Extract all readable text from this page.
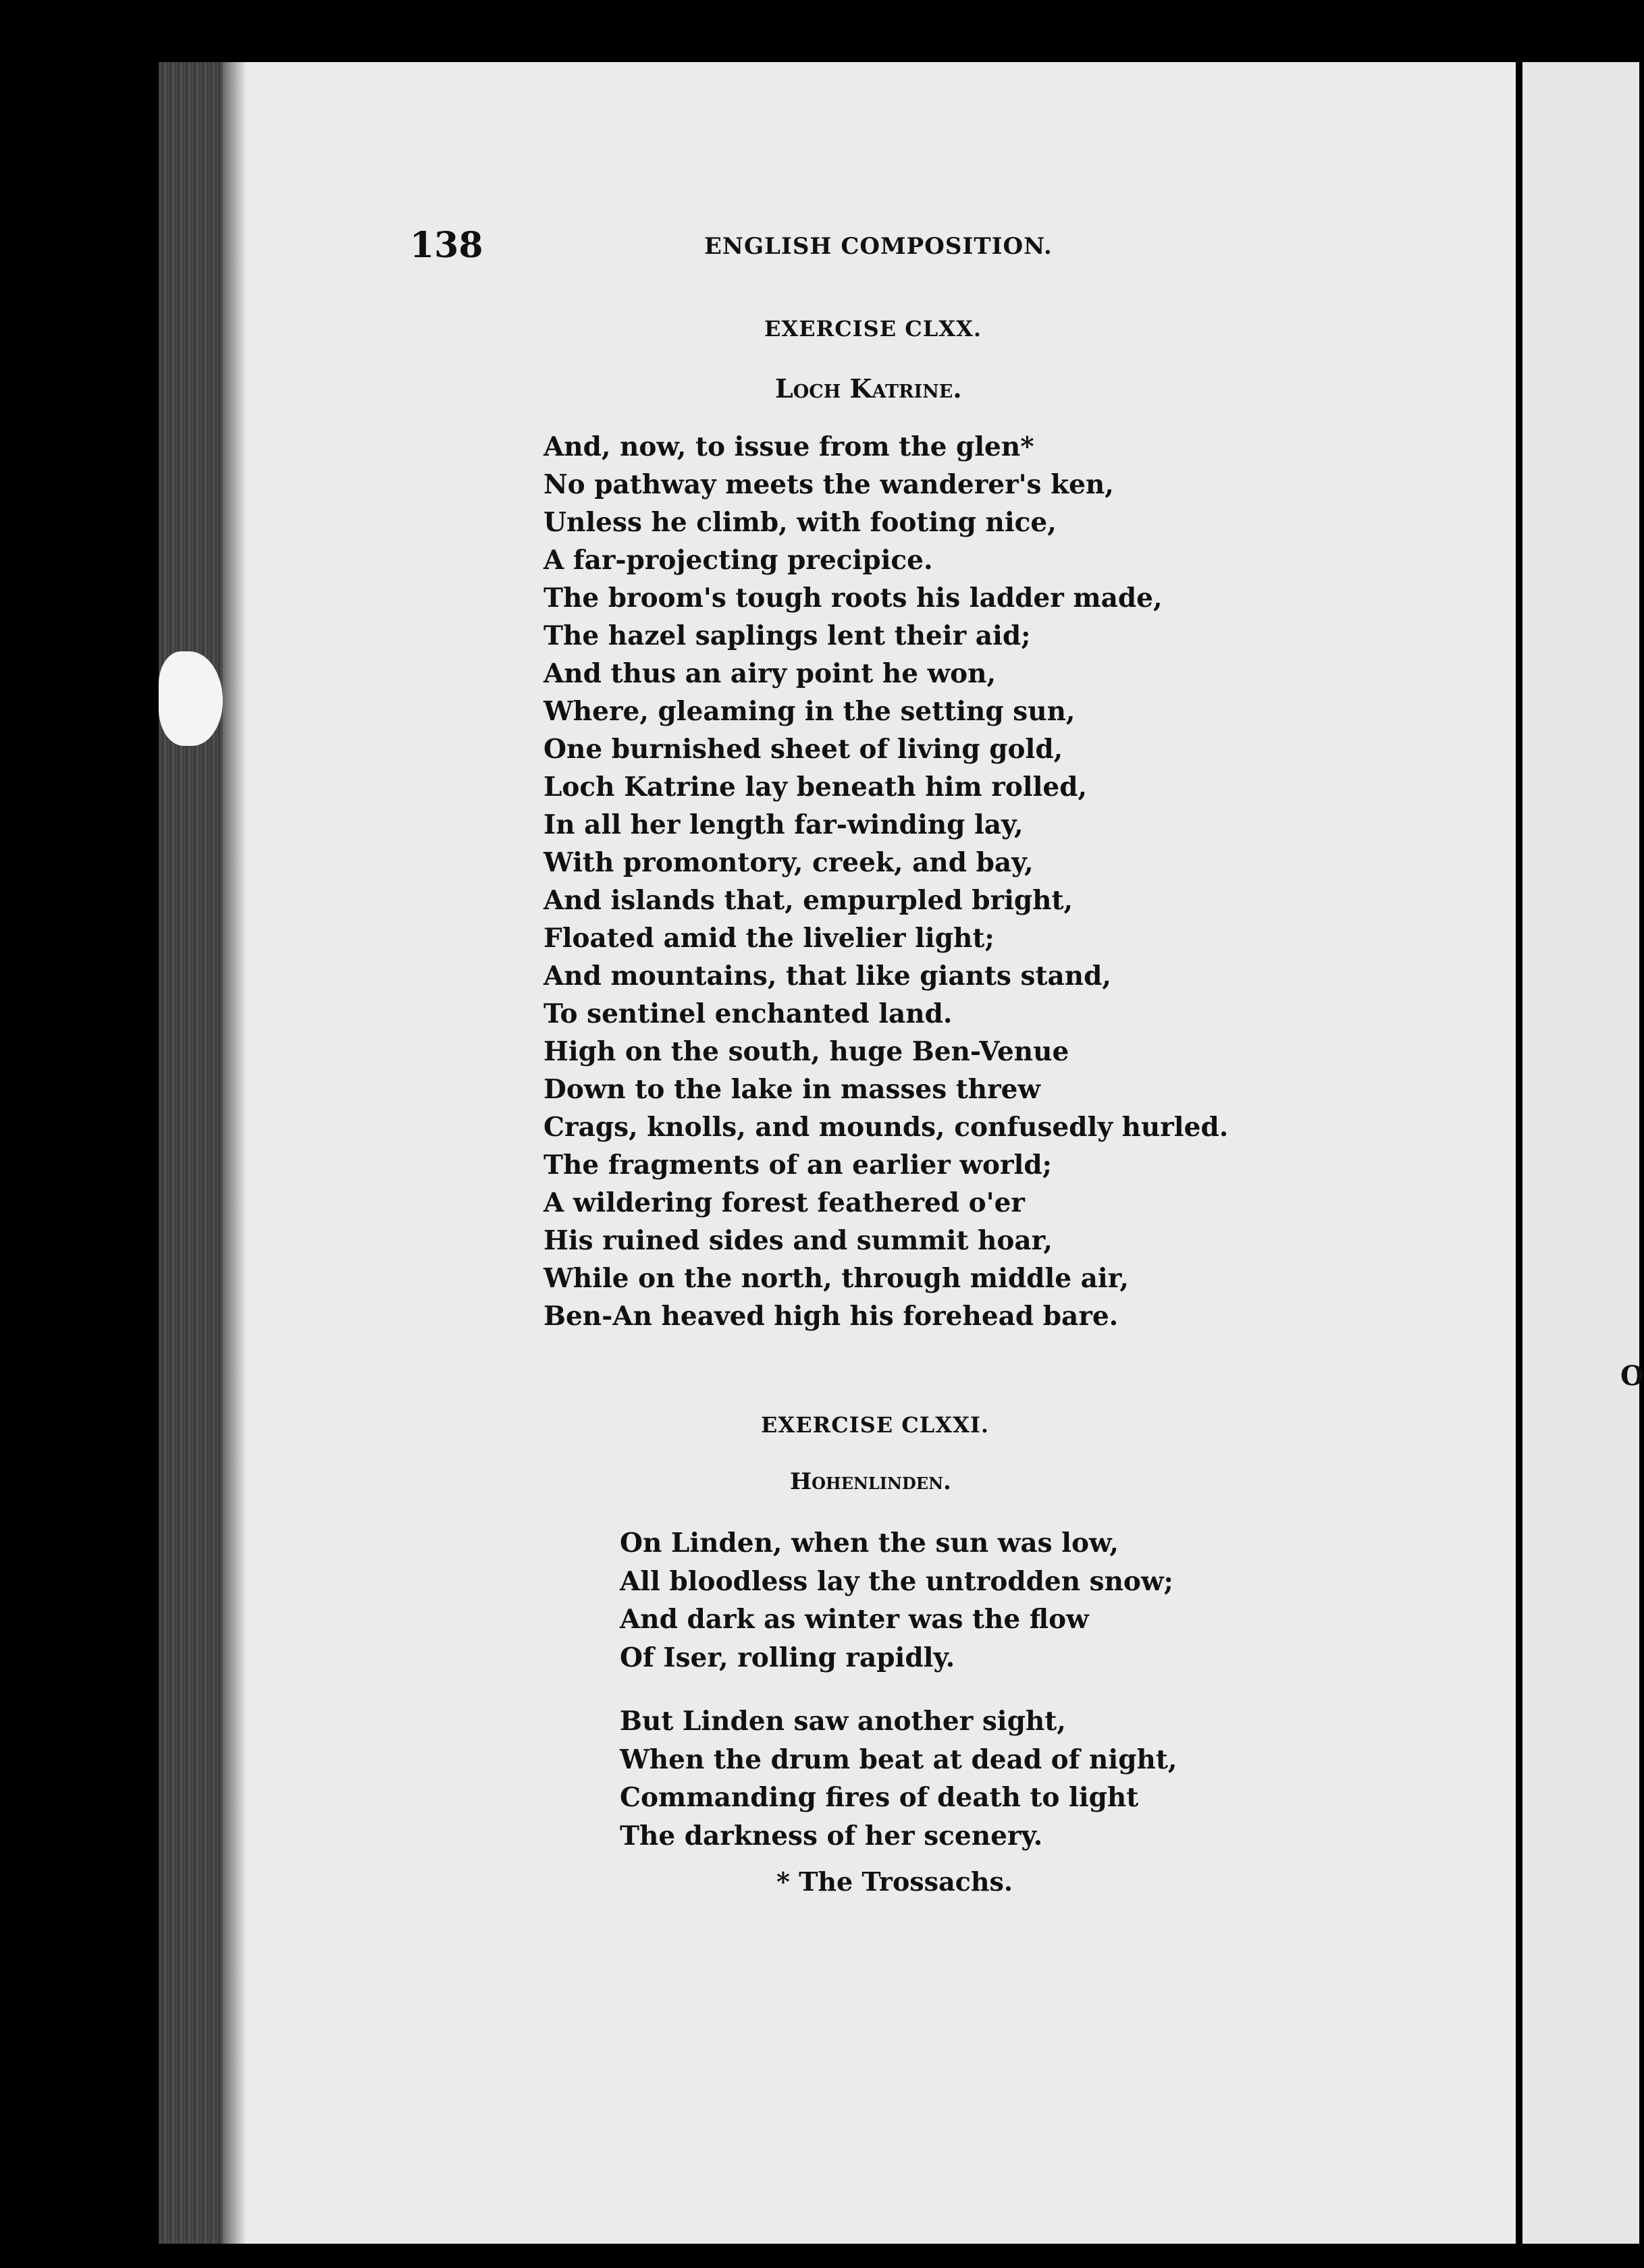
O
138	ENGLISH COMPOSITION.
EXERCISE CLXX.
Loch Katrine.
And, now, to issue from the glen*
No pathway meets the wanderer's ken,
Unless he climb, with footing nice,
A far-projecting precipice.
The broom's tough roots his ladder made,
The hazel saplings lent their aid;
And thus an airy point he won,
Where, gleaming in the setting sun,
One burnished sheet of living gold,
Loch Katrine lay beneath him rolled,
In all her length far-winding lay,
With promontory, creek, and bay,
And islands that, empurpled bright,
Floated amid the livelier light;
And mountains, that like giants stand,
To sentinel enchanted land.
High on the south, huge Ben-Venue
Down to the lake in masses threw
Crags, knolls, and mounds, confusedly hurled.
The fragments of an earlier world;
A wildering forest feathered o'er
His ruined sides and summit hoar,
While on the north, through middle air,
Ben-An heaved high his forehead bare.
EXERCISE CLXXI.
Hohenlinden.
On Linden, when the sun was low,
All bloodless lay the untrodden snow;
And dark as winter was the flow
Of Iser, rolling rapidly.
But Linden saw another sight,
When the drum beat at dead of night,
Commanding fires of death to light
The darkness of her scenery.
* The Trossachs.
